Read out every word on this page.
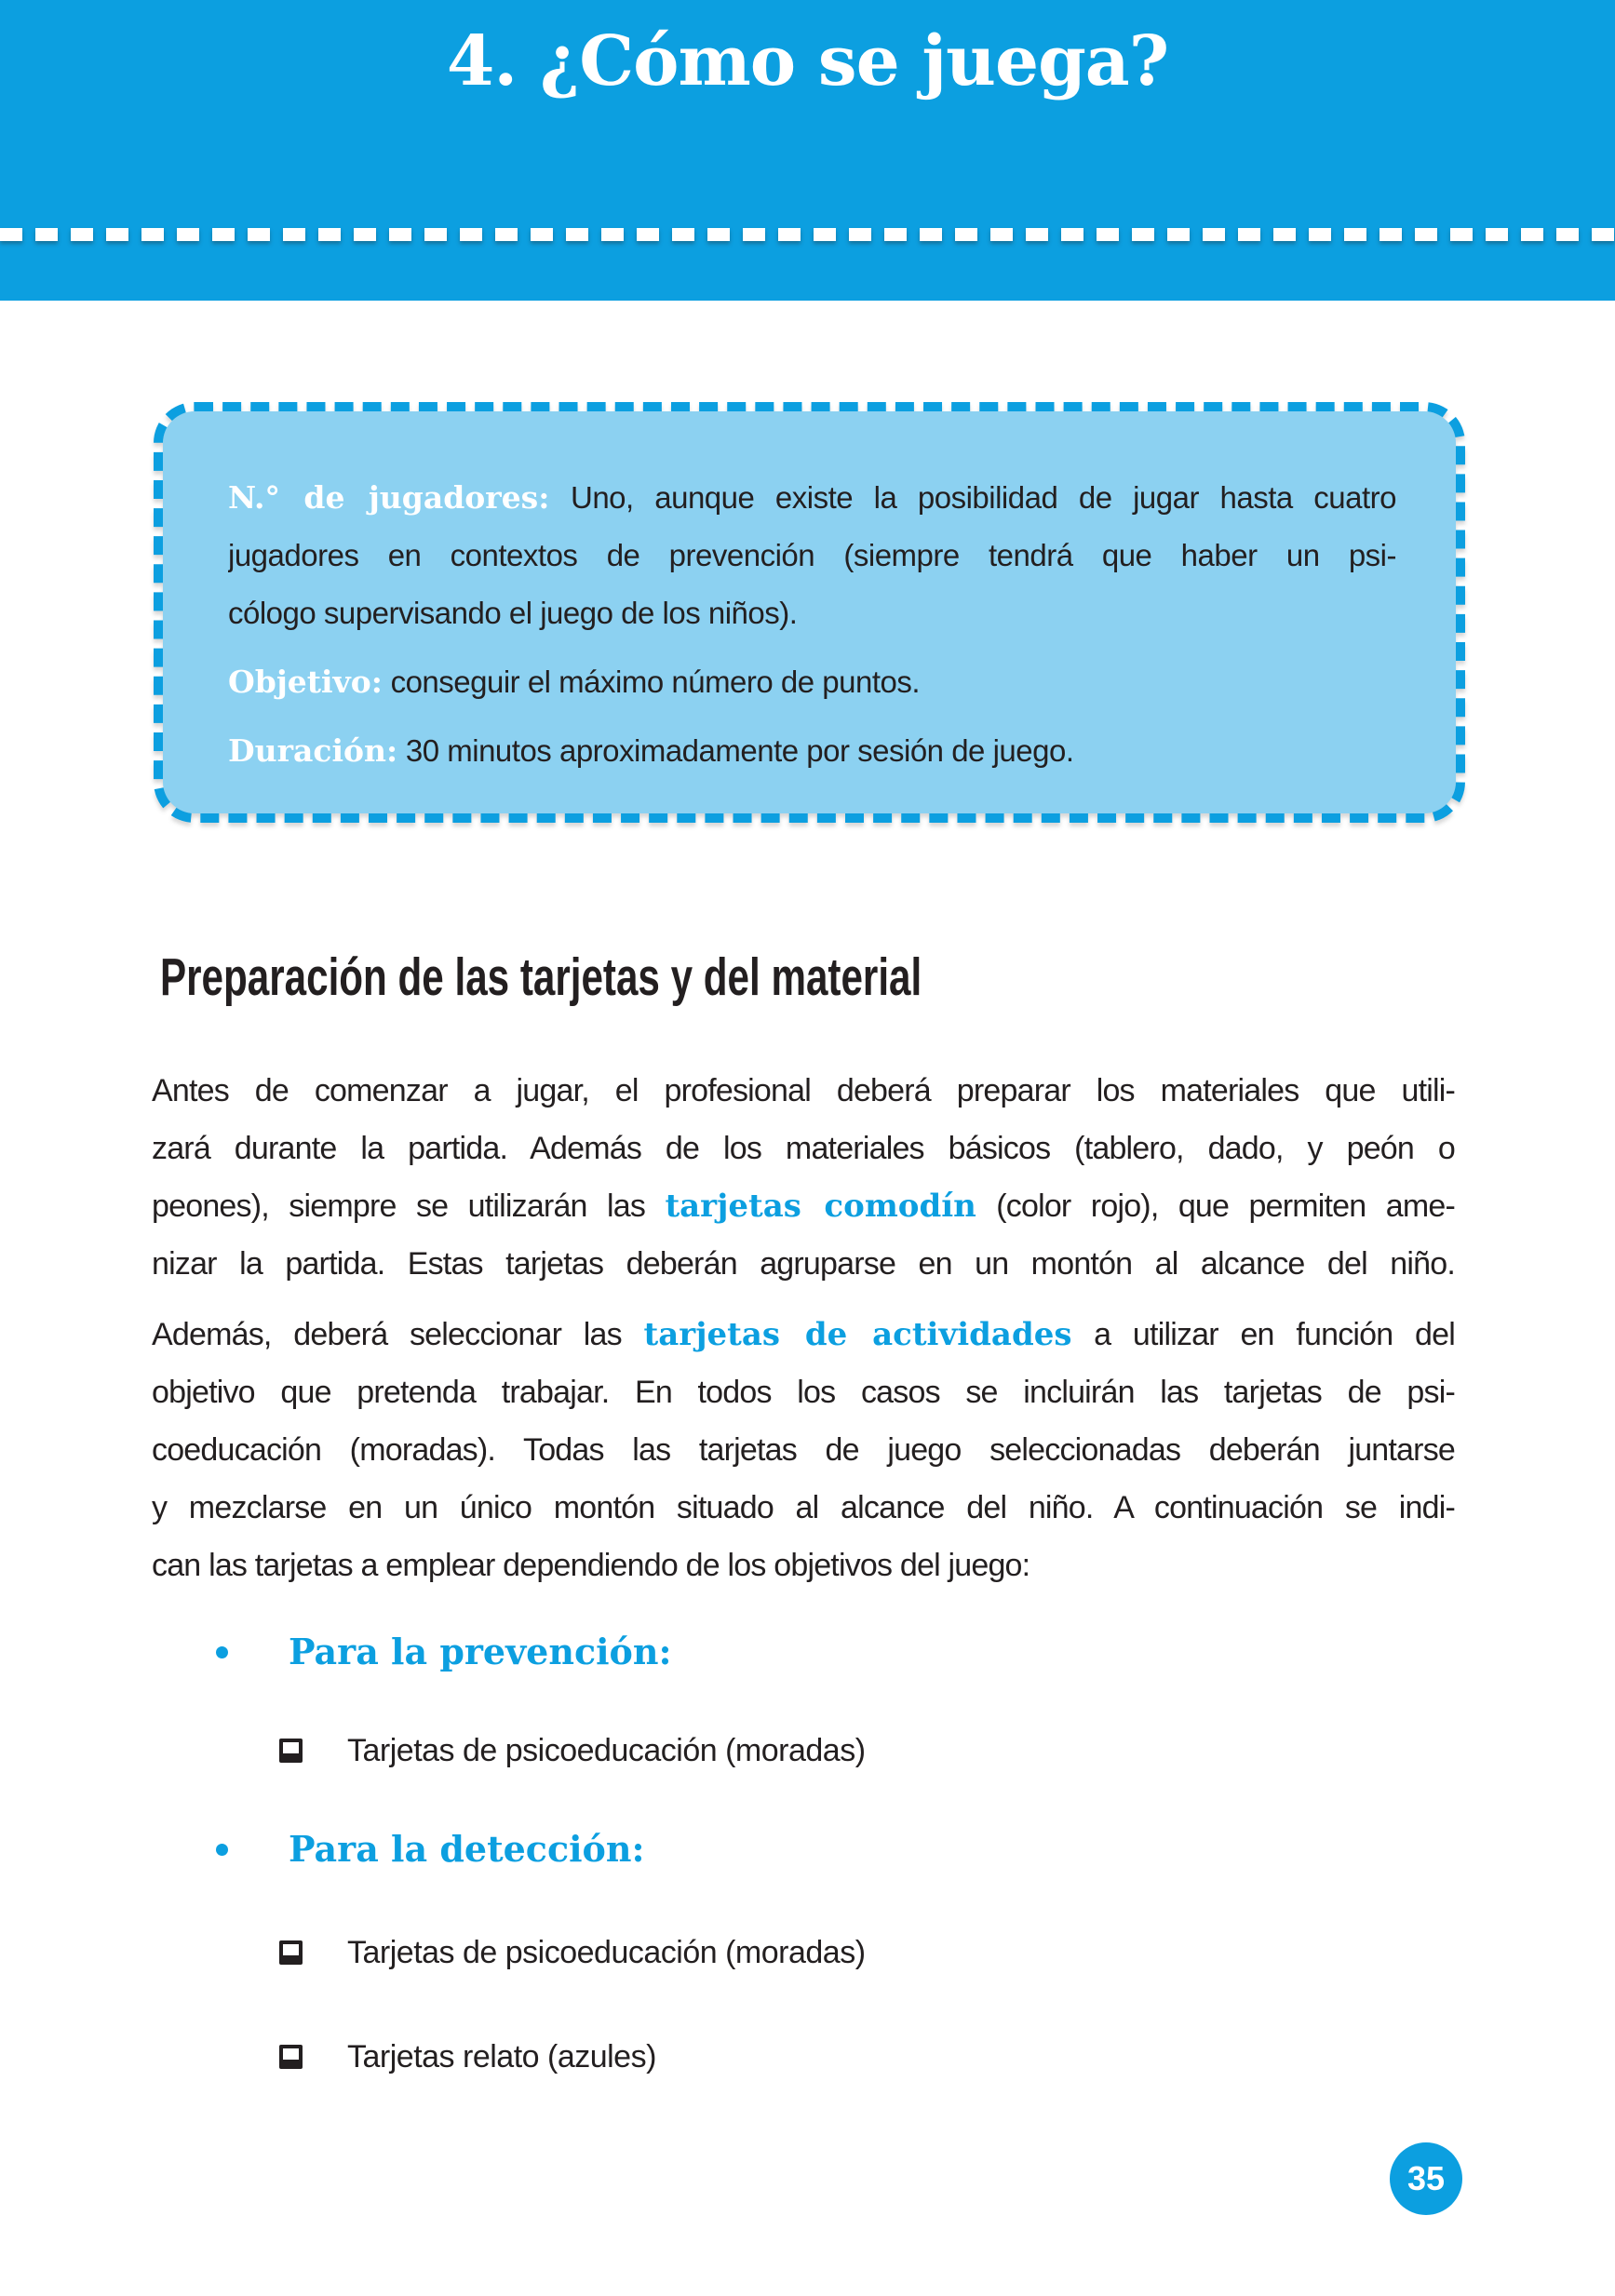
4. ¿Cómo se juega?
N.° de jugadores: Uno, aunque existe la posibilidad de jugar hasta cuatro
jugadores en contextos de prevención (siempre tendrá que haber un psi-
cólogo supervisando el juego de los niños).
Objetivo: conseguir el máximo número de puntos.
Duración: 30 minutos aproximadamente por sesión de juego.
Preparación de las tarjetas y del material
Antes de comenzar a jugar, el profesional deberá preparar los materiales que utili-
zará durante la partida. Además de los materiales básicos (tablero, dado, y peón o
peones), siempre se utilizarán las tarjetas comodín (color rojo), que permiten ame-
nizar la partida. Estas tarjetas deberán agruparse en un montón al alcance del niño.
Además, deberá seleccionar las tarjetas de actividades a utilizar en función del
objetivo que pretenda trabajar. En todos los casos se incluirán las tarjetas de psi-
coeducación (moradas). Todas las tarjetas de juego seleccionadas deberán juntarse
y mezclarse en un único montón situado al alcance del niño. A continuación se indi-
can las tarjetas a emplear dependiendo de los objetivos del juego:
Para la prevención:
Tarjetas de psicoeducación (moradas)
Para la detección:
Tarjetas de psicoeducación (moradas)
Tarjetas relato (azules)
35
